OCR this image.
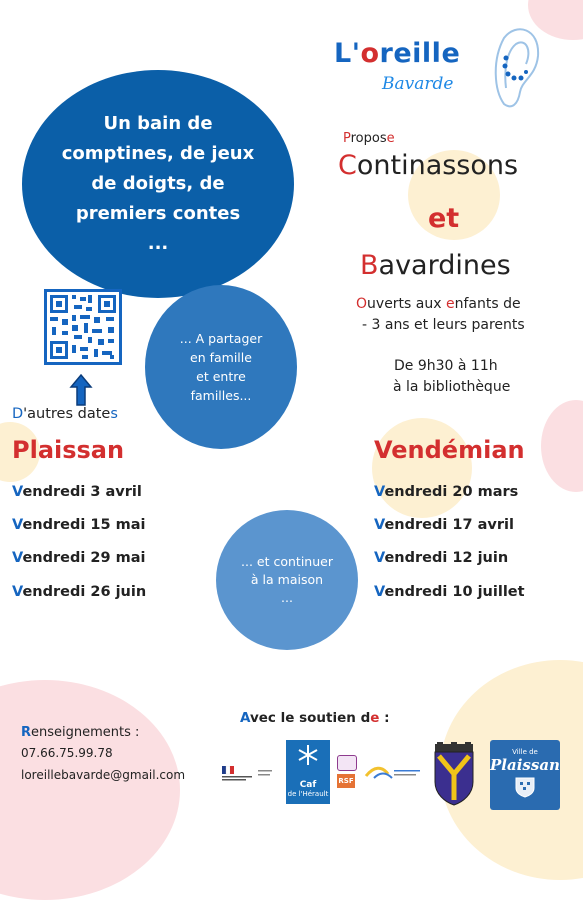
L'oreille
Bavarde
Propose
Continassons
et
Bavardines
Un bain de
comptines, de jeux
de doigts, de
premiers contes
...
... A partager
en famille
et entre
familles...
... et continuer
à la maison
...
Ouverts aux enfants de
- 3 ans et leurs parents
De 9h30 à 11h
à la bibliothèque
D'autres dates
Plaissan
Vendredi 3 avril
Vendredi 15 mai
Vendredi 29 mai
Vendredi 26 juin
Vendémian
Vendredi 20 mars
Vendredi 17 avril
Vendredi 12 juin
Vendredi 10 juillet
Renseignements :
07.66.75.99.78
loreillebavarde@gmail.com
Avec le soutien de :
Caf
de l'Hérault
RSF
Ville de
Plaissan
